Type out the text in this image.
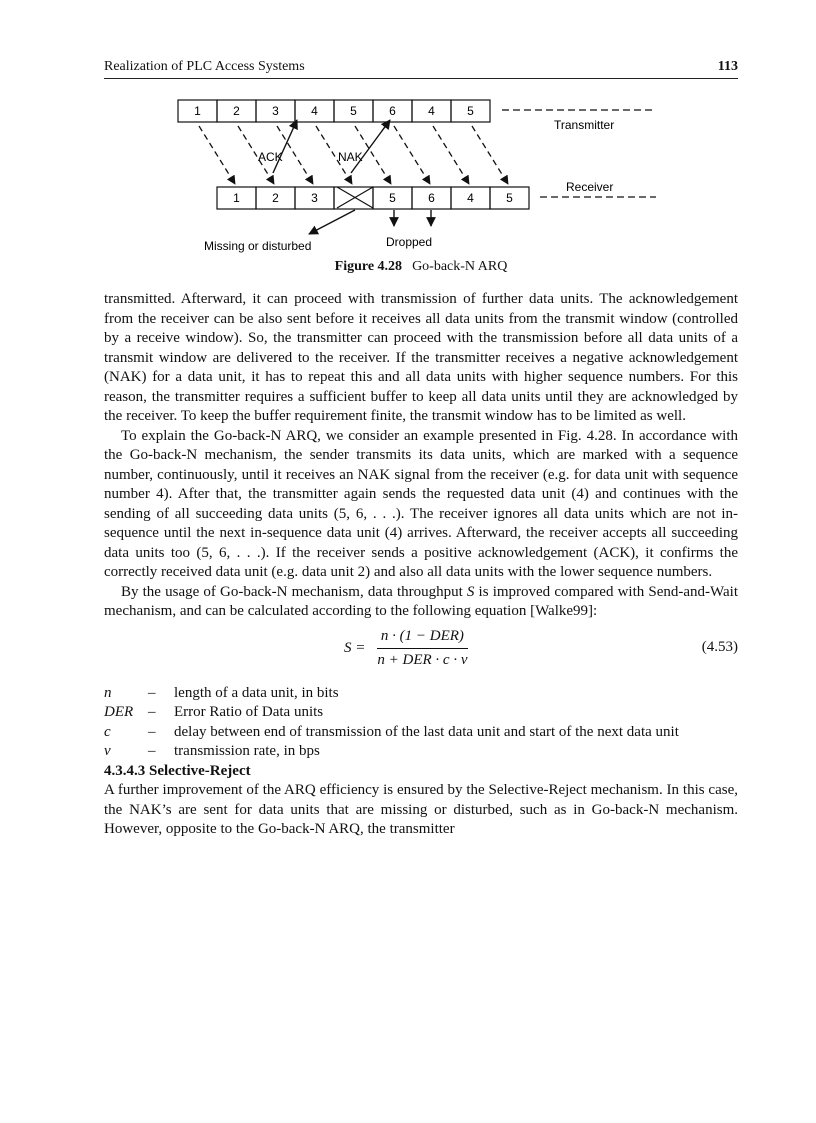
Realization of PLC Access Systems	113
1	2	3	4	5	6	4	5
1	2	3	5	6	4	5
Transmitter
Receiver
ACK	NAK
Missing or disturbed	Dropped
Figure 4.28 Go-back-N ARQ

transmitted. Afterward, it can proceed with transmission of further data units. The acknowledgement from the receiver can be also sent before it receives all data units from the transmit window (controlled by a receive window). So, the transmitter can proceed with the transmission before all data units of a transmit window are delivered to the receiver. If the transmitter receives a negative acknowledgement (NAK) for a data unit, it has to repeat this and all data units with higher sequence numbers. For this reason, the transmitter requires a sufficient buffer to keep all data units until they are acknowledged by the receiver. To keep the buffer requirement finite, the transmit window has to be limited as well.

To explain the Go-back-N ARQ, we consider an example presented in Fig. 4.28. In accordance with the Go-back-N mechanism, the sender transmits its data units, which are marked with a sequence number, continuously, until it receives an NAK signal from the receiver (e.g. for data unit with sequence number 4). After that, the transmitter again sends the requested data unit (4) and continues with the sending of all succeeding data units (5, 6, . . .). The receiver ignores all data units which are not in-sequence until the next in-sequence data unit (4) arrives. Afterward, the receiver accepts all succeeding data units too (5, 6, . . .). If the receiver sends a positive acknowledgement (ACK), it confirms the correctly received data unit (e.g. data unit 2) and also all data units with the lower sequence numbers.

By the usage of Go-back-N mechanism, data throughput S is improved compared with Send-and-Wait mechanism, and can be calculated according to the following equation [Walke99]:

$S = \frac{\text{n · (1 − DER)}}{\text{n + DER · c · v}}$	(4.53)
n	–	length of a data unit, in bits
DER –	Error Ratio of Data units
c	–	delay between end of transmission of the last data unit and start of the next data unit
v	–	transmission rate, in bps

4.3.4.3 Selective-Reject

A further improvement of the ARQ efficiency is ensured by the Selective-Reject mechanism. In this case, the NAK’s are sent for data units that are missing or disturbed, such as in Go-back-N mechanism. However, opposite to the Go-back-N ARQ, the transmitter
